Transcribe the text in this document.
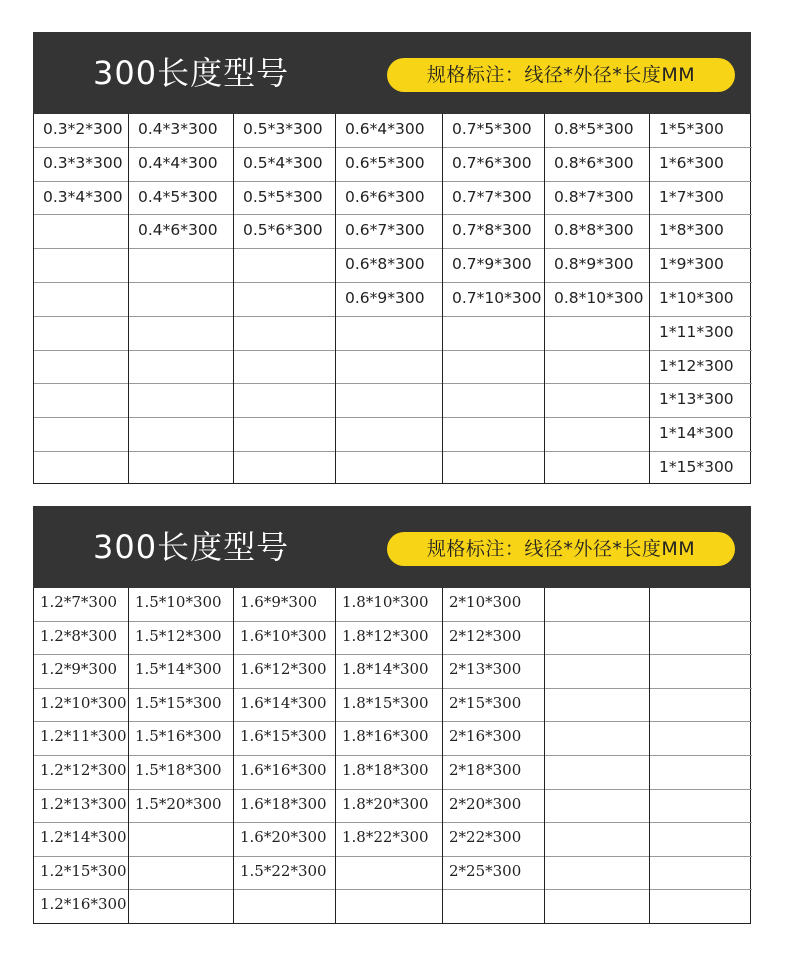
300长度型号	规格标注：线径*外径*长度MM
0.3*2*300
0.3*3*300
0.3*4*300
0.4*3*300
0.4*4*300
0.4*5*300
0.4*6*300
0.5*3*300
0.5*4*300
0.5*5*300
0.5*6*300
0.6*4*300
0.6*5*300
0.6*6*300
0.6*7*300
0.6*8*300
0.6*9*300
0.7*5*300
0.7*6*300
0.7*7*300
0.7*8*300
0.7*9*300
0.7*10*300
0.8*5*300
0.8*6*300
0.8*7*300
0.8*8*300
0.8*9*300
0.8*10*300
1*5*300
1*6*300
1*7*300
1*8*300
1*9*300
1*10*300
1*11*300
1*12*300
1*13*300
1*14*300
1*15*300
300长度型号	规格标注：线径*外径*长度MM
1.2*7*300
1.2*8*300
1.2*9*300
1.2*10*300
1.2*11*300
1.2*12*300
1.2*13*300
1.2*14*300
1.2*15*300
1.2*16*300
1.5*10*300
1.5*12*300
1.5*14*300
1.5*15*300
1.5*16*300
1.5*18*300
1.5*20*300
1.6*9*300
1.6*10*300
1.6*12*300
1.6*14*300
1.6*15*300
1.6*16*300
1.6*18*300
1.6*20*300
1.5*22*300
1.8*10*300
1.8*12*300
1.8*14*300
1.8*15*300
1.8*16*300
1.8*18*300
1.8*20*300
1.8*22*300
2*10*300
2*12*300
2*13*300
2*15*300
2*16*300
2*18*300
2*20*300
2*22*300
2*25*300
